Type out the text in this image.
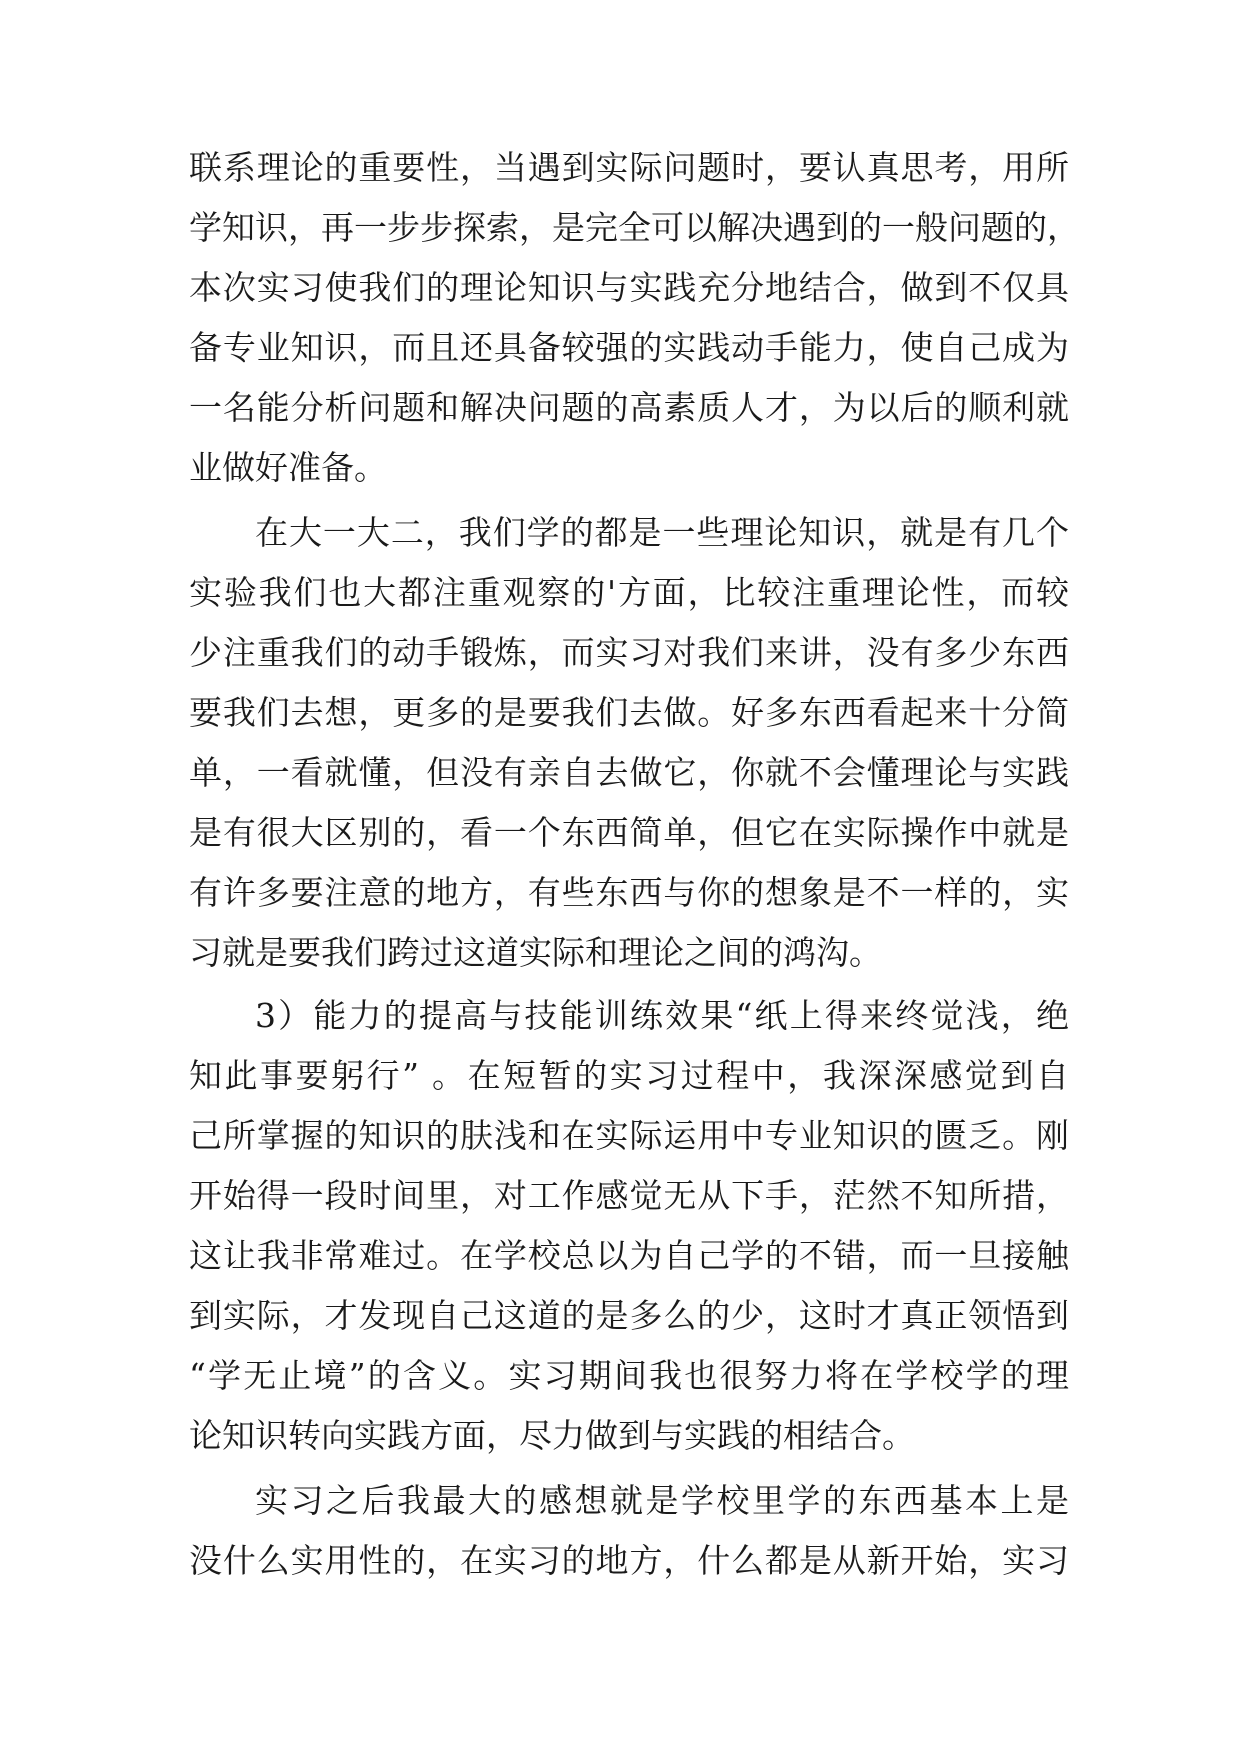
联系理论的重要性，当遇到实际问题时，要认真思考，用所
学知识，再一步步探索，是完全可以解决遇到的一般问题的，
本次实习使我们的理论知识与实践充分地结合，做到不仅具
备专业知识，而且还具备较强的实践动手能力，使自己成为
一名能分析问题和解决问题的高素质人才，为以后的顺利就
业做好准备。
在大一大二，我们学的都是一些理论知识，就是有几个
实验我们也大都注重观察的'方面，比较注重理论性，而较
少注重我们的动手锻炼，而实习对我们来讲，没有多少东西
要我们去想，更多的是要我们去做。好多东西看起来十分简
单，一看就懂，但没有亲自去做它，你就不会懂理论与实践
是有很大区别的，看一个东西简单，但它在实际操作中就是
有许多要注意的地方，有些东西与你的想象是不一样的，实
习就是要我们跨过这道实际和理论之间的鸿沟。
3）能力的提高与技能训练效果“纸上得来终觉浅，绝
知此事要躬行” 。在短暂的实习过程中，我深深感觉到自
己所掌握的知识的肤浅和在实际运用中专业知识的匮乏。刚
开始得一段时间里，对工作感觉无从下手，茫然不知所措，
这让我非常难过。在学校总以为自己学的不错，而一旦接触
到实际，才发现自己这道的是多么的少，这时才真正领悟到
“学无止境”的含义。实习期间我也很努力将在学校学的理
论知识转向实践方面，尽力做到与实践的相结合。
实习之后我最大的感想就是学校里学的东西基本上是
没什么实用性的，在实习的地方，什么都是从新开始，实习
